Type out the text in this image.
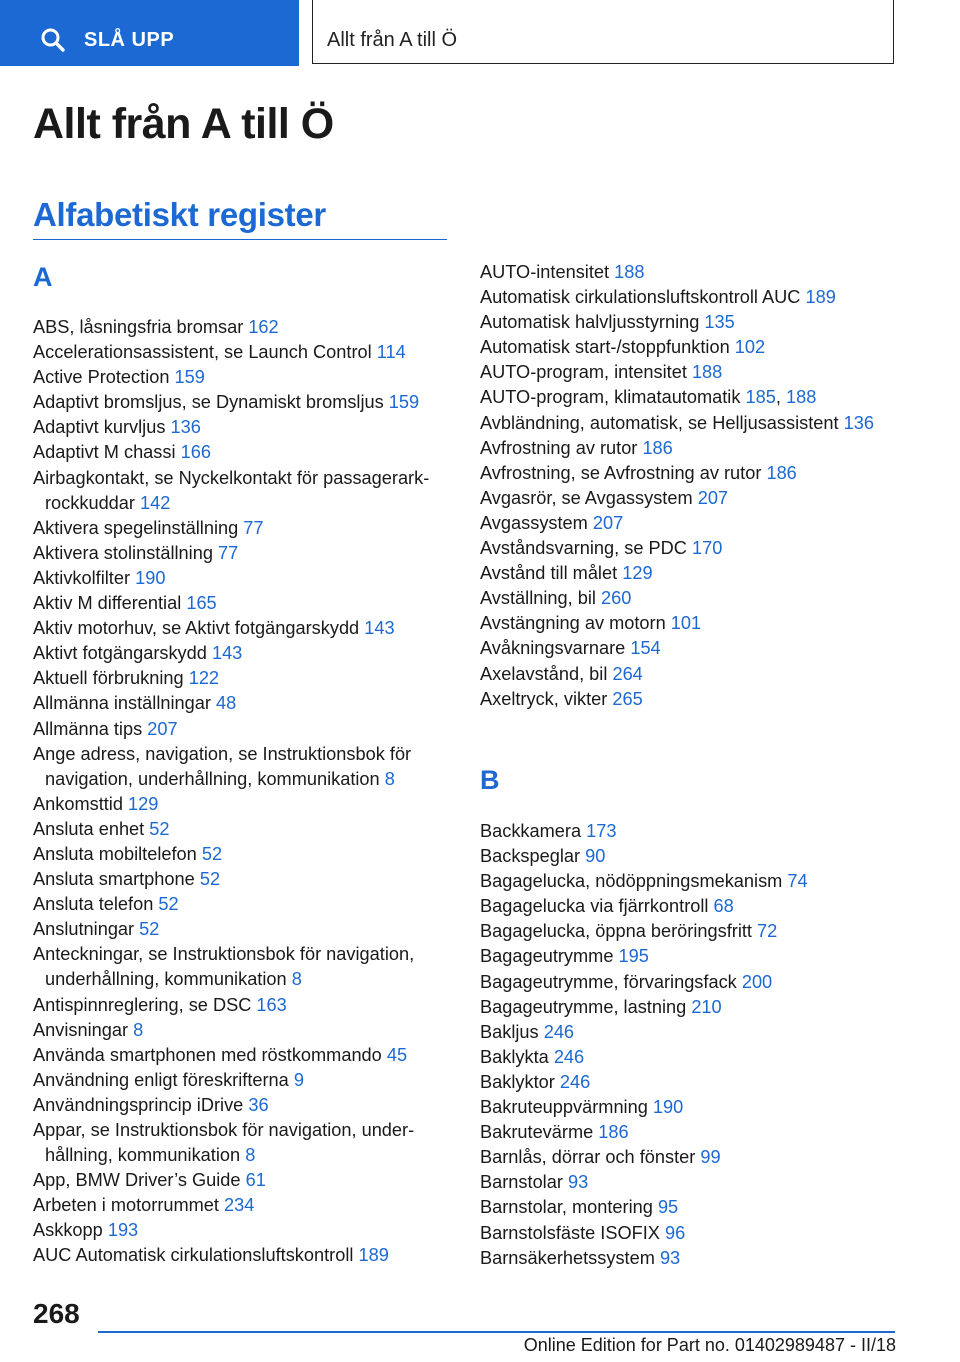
SLÅ UPP	Allt från A till Ö
Allt från A till Ö
Alfabetiskt register
A
ABS, låsningsfria bromsar 162
Accelerationsassistent, se Launch Control 114
Active Protection 159
Adaptivt bromsljus, se Dynamiskt bromsljus 159
Adaptivt kurvljus 136
Adaptivt M chassi 166
Airbagkontakt, se Nyckelkontakt för passagerarkrockkuddar 142
Aktivera spegelinställning 77
Aktivera stolinställning 77
Aktivkolfilter 190
Aktiv M differential 165
Aktiv motorhuv, se Aktivt fotgängarskydd 143
Aktivt fotgängarskydd 143
Aktuell förbrukning 122
Allmänna inställningar 48
Allmänna tips 207
Ange adress, navigation, se Instruktionsbok för navigation, underhållning, kommunikation 8
Ankomsttid 129
Ansluta enhet 52
Ansluta mobiltelefon 52
Ansluta smartphone 52
Ansluta telefon 52
Anslutningar 52
Anteckningar, se Instruktionsbok för navigation, underhållning, kommunikation 8
Antispinnreglering, se DSC 163
Anvisningar 8
Använda smartphonen med röstkommando 45
Användning enligt föreskrifterna 9
Användningsprincip iDrive 36
Appar, se Instruktionsbok för navigation, underhållning, kommunikation 8
App, BMW Driver’s Guide 61
Arbeten i motorrummet 234
Askkopp 193
AUC Automatisk cirkulationsluftskontroll 189
AUTO-intensitet 188
Automatisk cirkulationsluftskontroll AUC 189
Automatisk halvljusstyrning 135
Automatisk start-/stoppfunktion 102
AUTO-program, intensitet 188
AUTO-program, klimatautomatik 185, 188
Avbländning, automatisk, se Helljusassistent 136
Avfrostning av rutor 186
Avfrostning, se Avfrostning av rutor 186
Avgasrör, se Avgassystem 207
Avgassystem 207
Avståndsvarning, se PDC 170
Avstånd till målet 129
Avställning, bil 260
Avstängning av motorn 101
Avåkningsvarnare 154
Axelavstånd, bil 264
Axeltryck, vikter 265
B
Backkamera 173
Backspeglar 90
Bagagelucka, nödöppningsmekanism 74
Bagagelucka via fjärrkontroll 68
Bagagelucka, öppna beröringsfritt 72
Bagageutrymme 195
Bagageutrymme, förvaringsfack 200
Bagageutrymme, lastning 210
Bakljus 246
Baklykta 246
Baklyktor 246
Bakruteuppvärmning 190
Bakrutevärme 186
Barnlås, dörrar och fönster 99
Barnstolar 93
Barnstolar, montering 95
Barnstolsfäste ISOFIX 96
Barnsäkerhetssystem 93

268

Online Edition for Part no. 01402989487 - II/18
